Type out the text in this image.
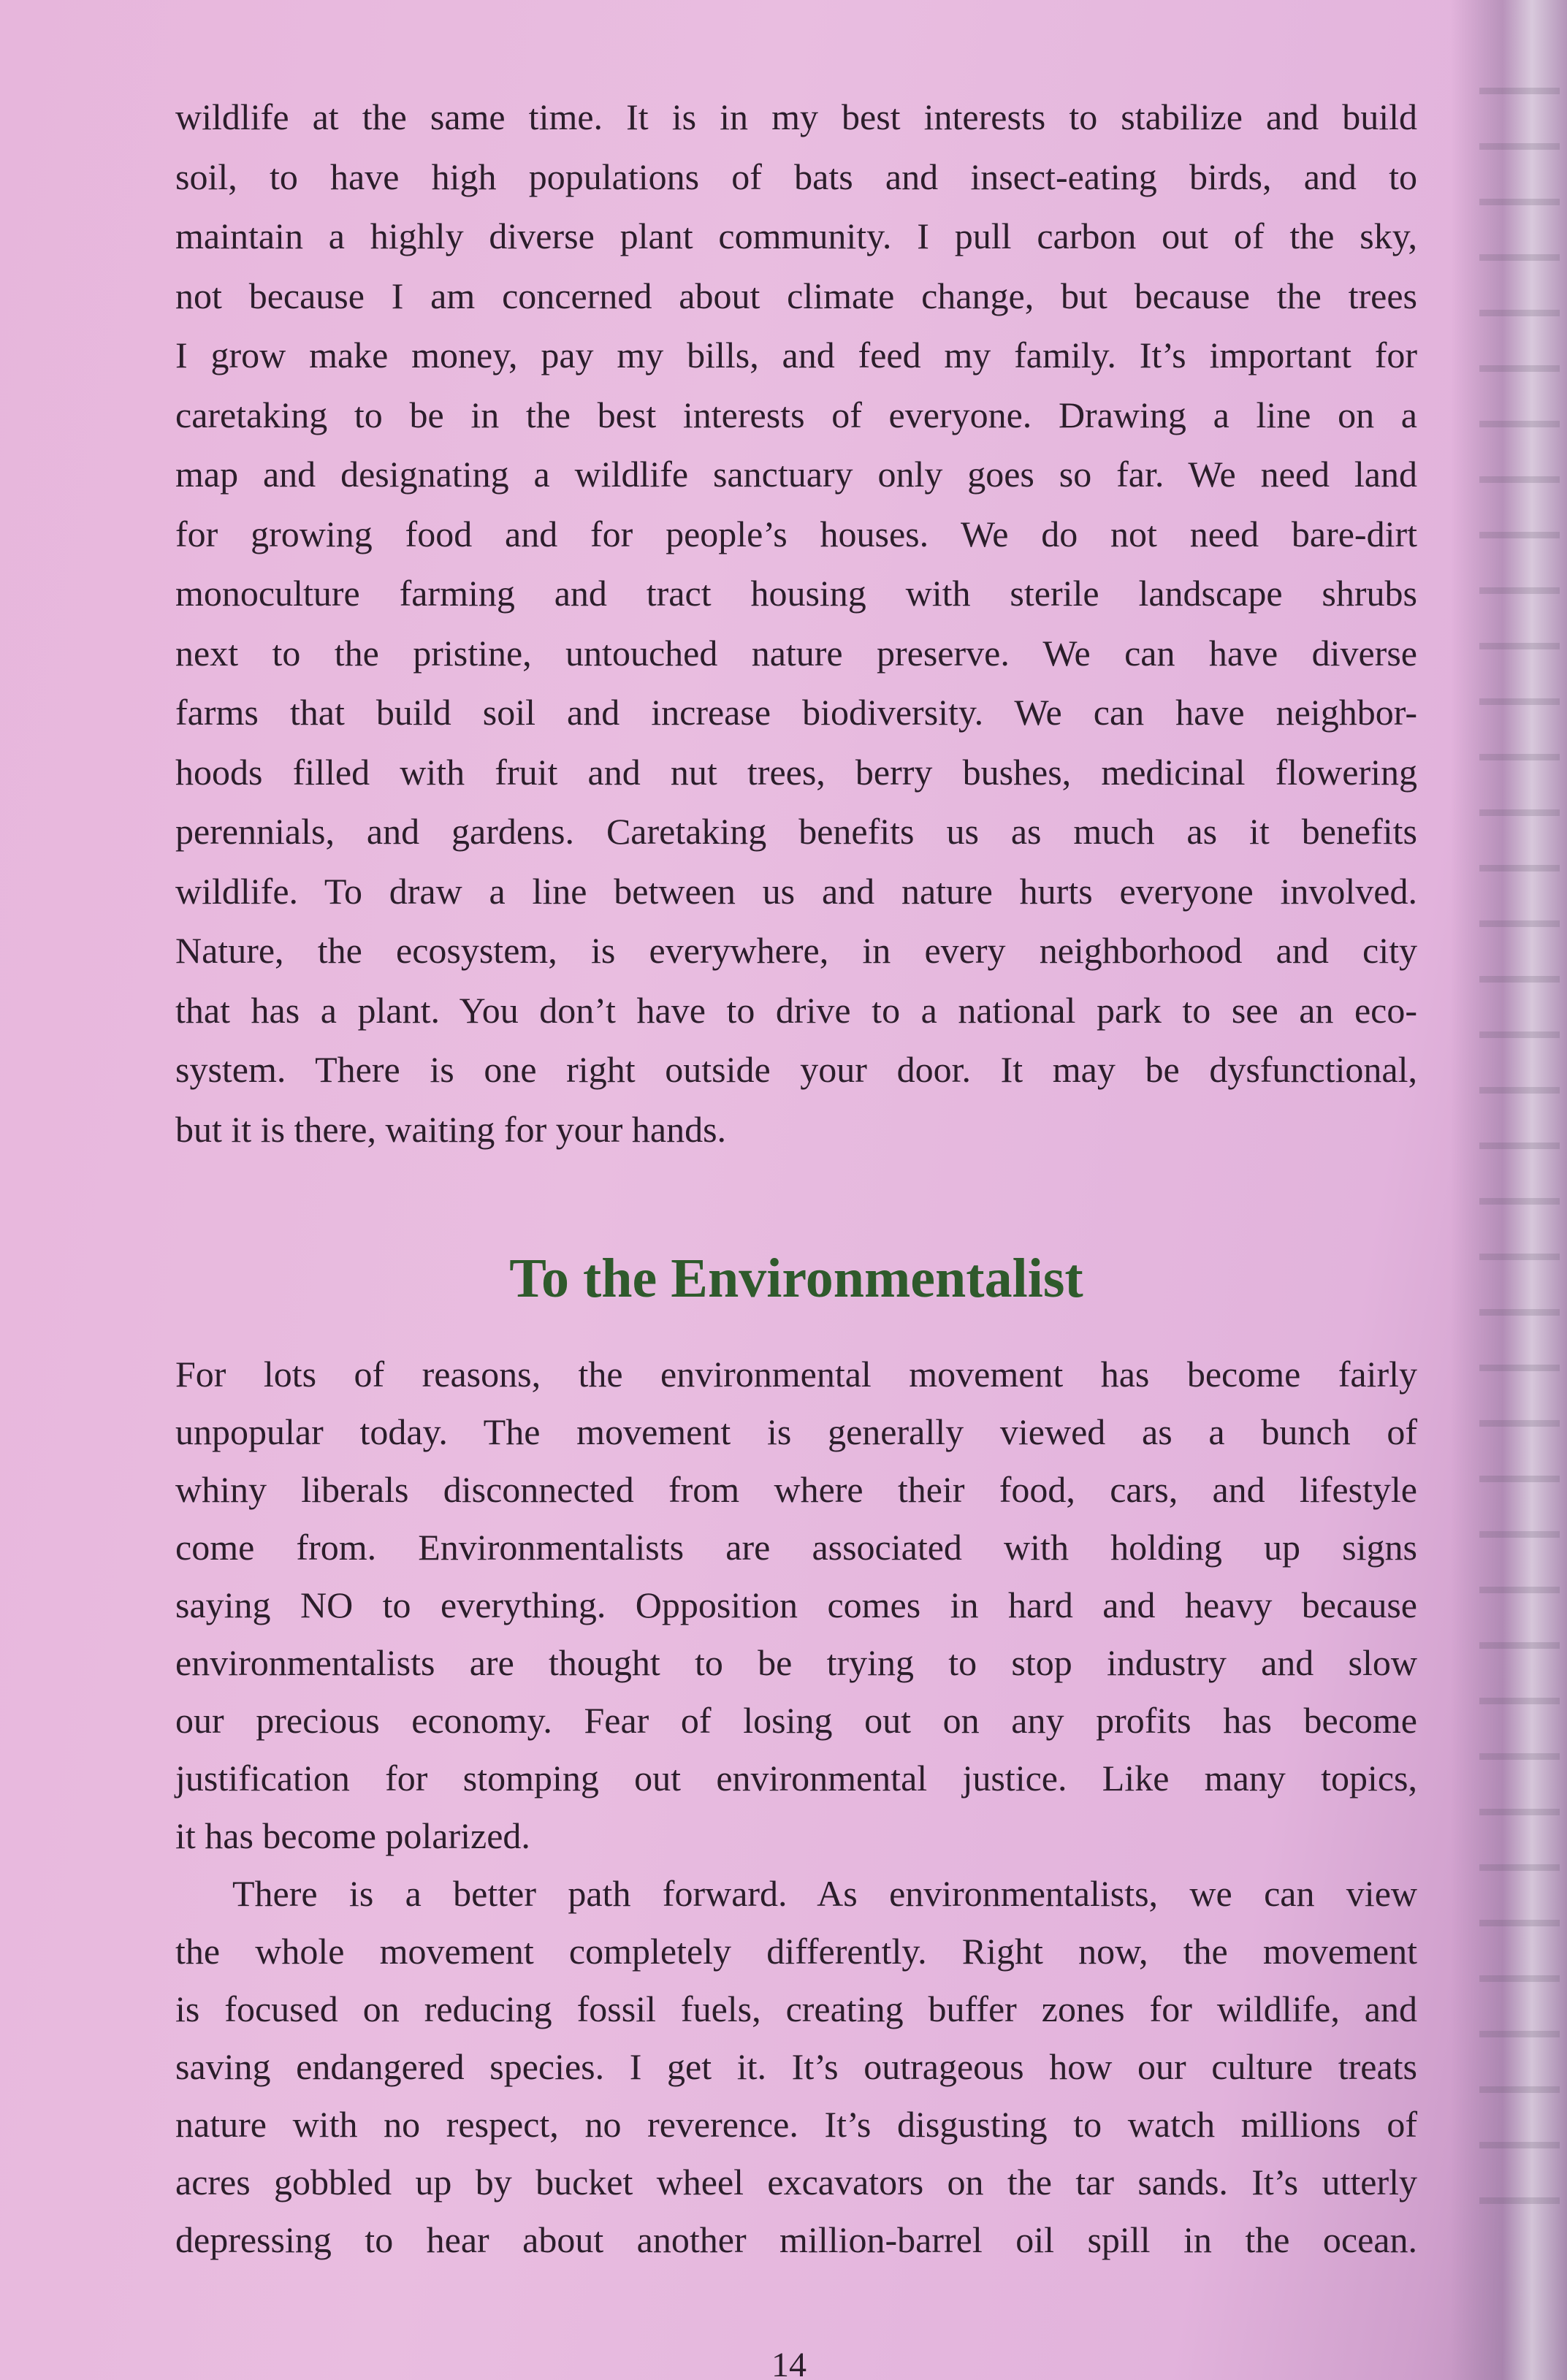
wildlife at the same time. It is in my best interests to stabilize and build
soil, to have high populations of bats and insect-eating birds, and to
maintain a highly diverse plant community. I pull carbon out of the sky,
not because I am concerned about climate change, but because the trees
I grow make money, pay my bills, and feed my family. It’s important for
caretaking to be in the best interests of everyone. Drawing a line on a
map and designating a wildlife sanctuary only goes so far. We need land
for growing food and for people’s houses. We do not need bare-dirt
monoculture farming and tract housing with sterile landscape shrubs
next to the pristine, untouched nature preserve. We can have diverse
farms that build soil and increase biodiversity. We can have neighbor-
hoods filled with fruit and nut trees, berry bushes, medicinal flowering
perennials, and gardens. Caretaking benefits us as much as it benefits
wildlife. To draw a line between us and nature hurts everyone involved.
Nature, the ecosystem, is everywhere, in every neighborhood and city
that has a plant. You don’t have to drive to a national park to see an eco-
system. There is one right outside your door. It may be dysfunctional,
but it is there, waiting for your hands.
To the Environmentalist
For lots of reasons, the environmental movement has become fairly
unpopular today. The movement is generally viewed as a bunch of
whiny liberals disconnected from where their food, cars, and lifestyle
come from. Environmentalists are associated with holding up signs
saying NO to everything. Opposition comes in hard and heavy because
environmentalists are thought to be trying to stop industry and slow
our precious economy. Fear of losing out on any profits has become
justification for stomping out environmental justice. Like many topics,
it has become polarized.
There is a better path forward. As environmentalists, we can view
the whole movement completely differently. Right now, the movement
is focused on reducing fossil fuels, creating buffer zones for wildlife, and
saving endangered species. I get it. It’s outrageous how our culture treats
nature with no respect, no reverence. It’s disgusting to watch millions of
acres gobbled up by bucket wheel excavators on the tar sands. It’s utterly
depressing to hear about another million-barrel oil spill in the ocean.
14
